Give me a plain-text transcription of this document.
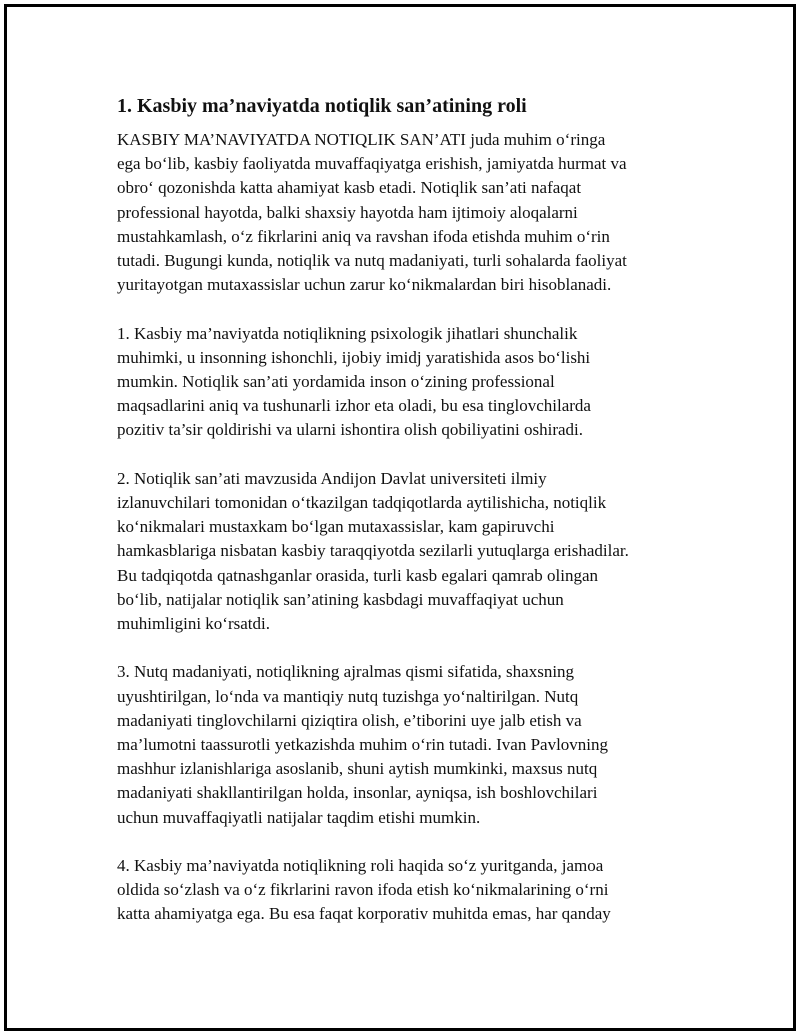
1. Kasbiy ma’naviyatda notiqlik san’atining roli

KASBIY MA’NAVIYATDA NOTIQLIK SAN’ATI juda muhim o‘ringa
ega bo‘lib, kasbiy faoliyatda muvaffaqiyatga erishish, jamiyatda hurmat va
obro‘ qozonishda katta ahamiyat kasb etadi. Notiqlik san’ati nafaqat
professional hayotda, balki shaxsiy hayotda ham ijtimoiy aloqalarni
mustahkamlash, o‘z fikrlarini aniq va ravshan ifoda etishda muhim o‘rin
tutadi. Bugungi kunda, notiqlik va nutq madaniyati, turli sohalarda faoliyat
yuritayotgan mutaxassislar uchun zarur ko‘nikmalardan biri hisoblanadi.

1. Kasbiy ma’naviyatda notiqlikning psixologik jihatlari shunchalik
muhimki, u insonning ishonchli, ijobiy imidj yaratishida asos bo‘lishi
mumkin. Notiqlik san’ati yordamida inson o‘zining professional
maqsadlarini aniq va tushunarli izhor eta oladi, bu esa tinglovchilarda
pozitiv ta’sir qoldirishi va ularni ishontira olish qobiliyatini oshiradi.

2. Notiqlik san’ati mavzusida Andijon Davlat universiteti ilmiy
izlanuvchilari tomonidan o‘tkazilgan tadqiqotlarda aytilishicha, notiqlik
ko‘nikmalari mustaxkam bo‘lgan mutaxassislar, kam gapiruvchi
hamkasblariga nisbatan kasbiy taraqqiyotda sezilarli yutuqlarga erishadilar.
Bu tadqiqotda qatnashganlar orasida, turli kasb egalari qamrab olingan
bo‘lib, natijalar notiqlik san’atining kasbdagi muvaffaqiyat uchun
muhimligini ko‘rsatdi.

3. Nutq madaniyati, notiqlikning ajralmas qismi sifatida, shaxsning
uyushtirilgan, lo‘nda va mantiqiy nutq tuzishga yo‘naltirilgan. Nutq
madaniyati tinglovchilarni qiziqtira olish, e’tiborini uye jalb etish va
ma’lumotni taassurotli yetkazishda muhim o‘rin tutadi. Ivan Pavlovning
mashhur izlanishlariga asoslanib, shuni aytish mumkinki, maxsus nutq
madaniyati shakllantirilgan holda, insonlar, ayniqsa, ish boshlovchilari
uchun muvaffaqiyatli natijalar taqdim etishi mumkin.

4. Kasbiy ma’naviyatda notiqlikning roli haqida so‘z yuritganda, jamoa
oldida so‘zlash va o‘z fikrlarini ravon ifoda etish ko‘nikmalarining o‘rni
katta ahamiyatga ega. Bu esa faqat korporativ muhitda emas, har qanday
